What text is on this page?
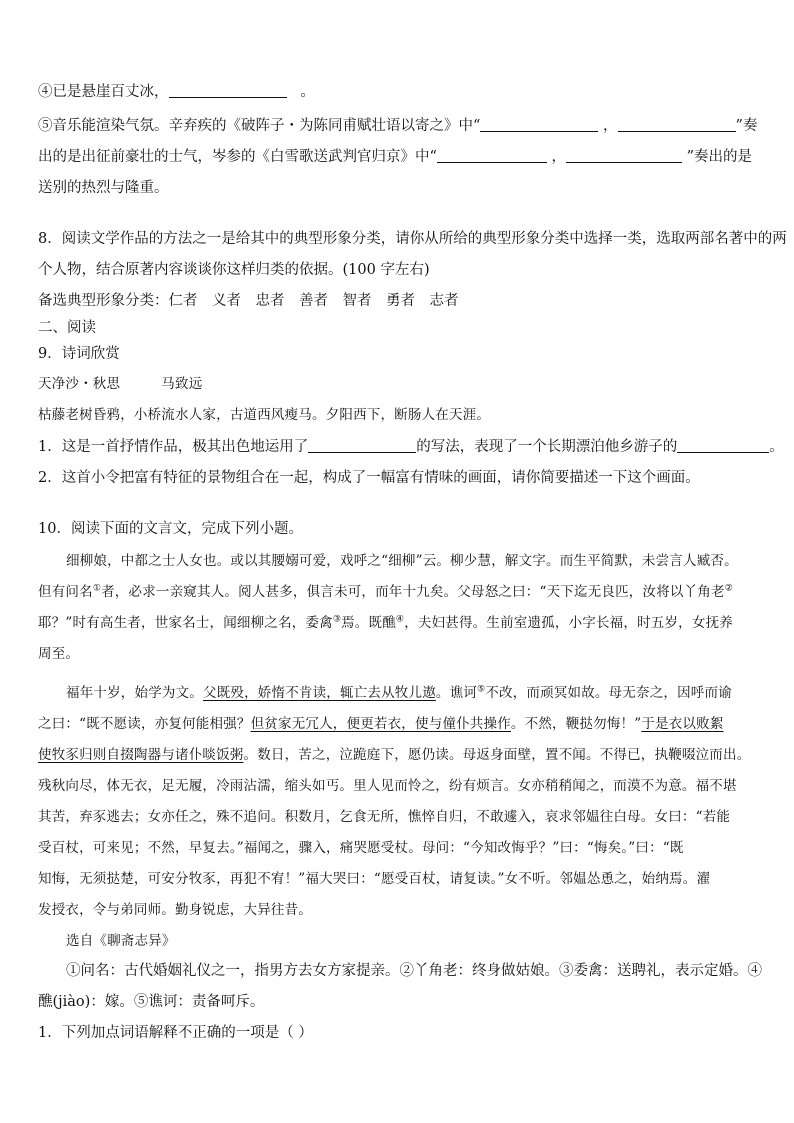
④已是悬崖百丈冰，	。
⑤音乐能渲染气氛。辛弃疾的《破阵子・为陈同甫赋壮语以寄之》中“	，	”奏
出的是出征前豪壮的士气，岑参的《白雪歌送武判官归京》中“	，	”奏出的是
送别的热烈与隆重。
8．阅读文学作品的方法之一是给其中的典型形象分类，请你从所给的典型形象分类中选择一类，选取两部名著中的两
个人物，结合原著内容谈谈你这样归类的依据。(100 字左右)
备选典型形象分类：仁者　义者　忠者　善者　智者　勇者　志者
二、阅读
9．诗词欣赏
天净沙・秋思　　　马致远
枯藤老树昏鸦，小桥流水人家，古道西风瘦马。夕阳西下，断肠人在天涯。
1．这是一首抒情作品，极其出色地运用了	的写法，表现了一个长期漂泊他乡游子的	。
2．这首小令把富有特征的景物组合在一起，构成了一幅富有情味的画面，请你简要描述一下这个画面。
10．阅读下面的文言文，完成下列小题。
细柳娘，中都之士人女也。或以其腰嫋可爱，戏呼之“细柳”云。柳少慧，解文字。而生平简默，未尝言人臧否。
但有问名①者，必求一亲窥其人。阅人甚多，俱言未可，而年十九矣。父母怒之曰：“天下迄无良匹，汝将以丫角老②
耶？”时有高生者，世家名士，闻细柳之名，委禽③焉。既醮④，夫妇甚得。生前室遗孤，小字长福，时五岁，女抚养
周至。
福年十岁，始学为文。父既殁，娇惰不肯读，辄亡去从牧儿遨。谯诃⑤不改，而顽冥如故。母无奈之，因呼而谕
之曰：“既不愿读，亦复何能相强？但贫家无冗人，便更若衣，使与僮仆共操作。不然，鞭挞勿悔！”于是衣以败絮
使牧豕归则自掇陶器与诸仆啖饭粥。数日，苦之，泣跪庭下，愿仍读。母返身面壁，置不闻。不得已，执鞭啜泣而出。
残秋向尽，体无衣，足无履，冷雨沾濡，缩头如丐。里人见而怜之，纷有烦言。女亦稍稍闻之，而漠不为意。福不堪
其苦，弃豕逃去；女亦任之，殊不追问。积数月，乞食无所，憔悴自归，不敢遽入，哀求邻媪往白母。女曰：“若能
受百杖，可来见；不然，早复去。”福闻之，骤入，痛哭愿受杖。母问：“今知改悔乎？”曰：“悔矣。”曰：“既
知悔，无须挞楚，可安分牧豕，再犯不宥！”福大哭曰：“愿受百杖，请复读。”女不听。邻媪怂恿之，始纳焉。濯
发授衣，令与弟同师。勤身锐虑，大异往昔。
选自《聊斋志异》
①问名：古代婚姻礼仪之一，指男方去女方家提亲。②丫角老：终身做姑娘。③委禽：送聘礼，表示定婚。④
醮(jiào)：嫁。⑤谯诃：责备呵斥。
1．下列加点词语解释不正确的一项是（ ）
